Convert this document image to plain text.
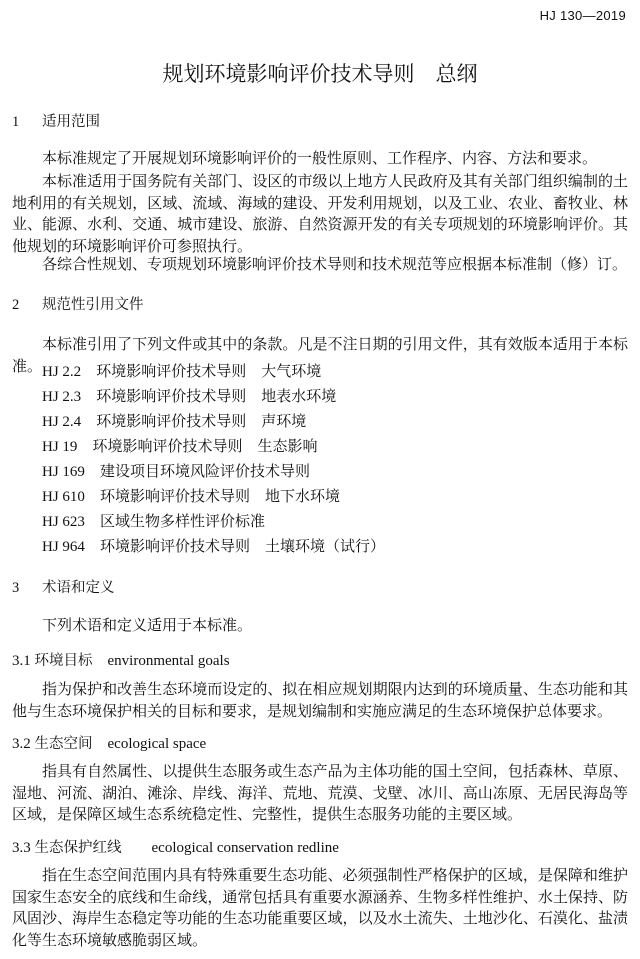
HJ 130—2019
规划环境影响评价技术导则　总纲
1 适用范围
本标准规定了开展规划环境影响评价的一般性原则、工作程序、内容、方法和要求。
本标准适用于国务院有关部门、设区的市级以上地方人民政府及其有关部门组织编制的土地利用的有关规划，区域、流域、海域的建设、开发利用规划，以及工业、农业、畜牧业、林业、能源、水利、交通、城市建设、旅游、自然资源开发的有关专项规划的环境影响评价。其他规划的环境影响评价可参照执行。
各综合性规划、专项规划环境影响评价技术导则和技术规范等应根据本标准制（修）订。
2 规范性引用文件
本标准引用了下列文件或其中的条款。凡是不注日期的引用文件，其有效版本适用于本标准。 HJ 2.2　 环境影响评价技术导则　大气环境
HJ 2.3　 环境影响评价技术导则　地表水环境
HJ 2.4　 环境影响评价技术导则　声环境
HJ 19　 环境影响评价技术导则　生态影响
HJ 169　 建设项目环境风险评价技术导则
HJ 610　 环境影响评价技术导则　地下水环境
HJ 623　 区域生物多样性评价标准
HJ 964　 环境影响评价技术导则　土壤环境（试行）
3 术语和定义
下列术语和定义适用于本标准。
3.1 环境目标 environmental goals
指为保护和改善生态环境而设定的、拟在相应规划期限内达到的环境质量、生态功能和其他与生态环境保护相关的目标和要求，是规划编制和实施应满足的生态环境保护总体要求。
3.2 生态空间 ecological space
指具有自然属性、以提供生态服务或生态产品为主体功能的国土空间，包括森林、草原、湿地、河流、湖泊、滩涂、岸线、海洋、荒地、荒漠、戈壁、冰川、高山冻原、无居民海岛等区域，是保障区域生态系统稳定性、完整性，提供生态服务功能的主要区域。
3.3 生态保护红线 ecological conservation redline
指在生态空间范围内具有特殊重要生态功能、必须强制性严格保护的区域，是保障和维护国家生态安全的底线和生命线，通常包括具有重要水源涵养、生物多样性维护、水土保持、防风固沙、海岸生态稳定等功能的生态功能重要区域，以及水土流失、土地沙化、石漠化、盐渍化等生态环境敏感脆弱区域。
